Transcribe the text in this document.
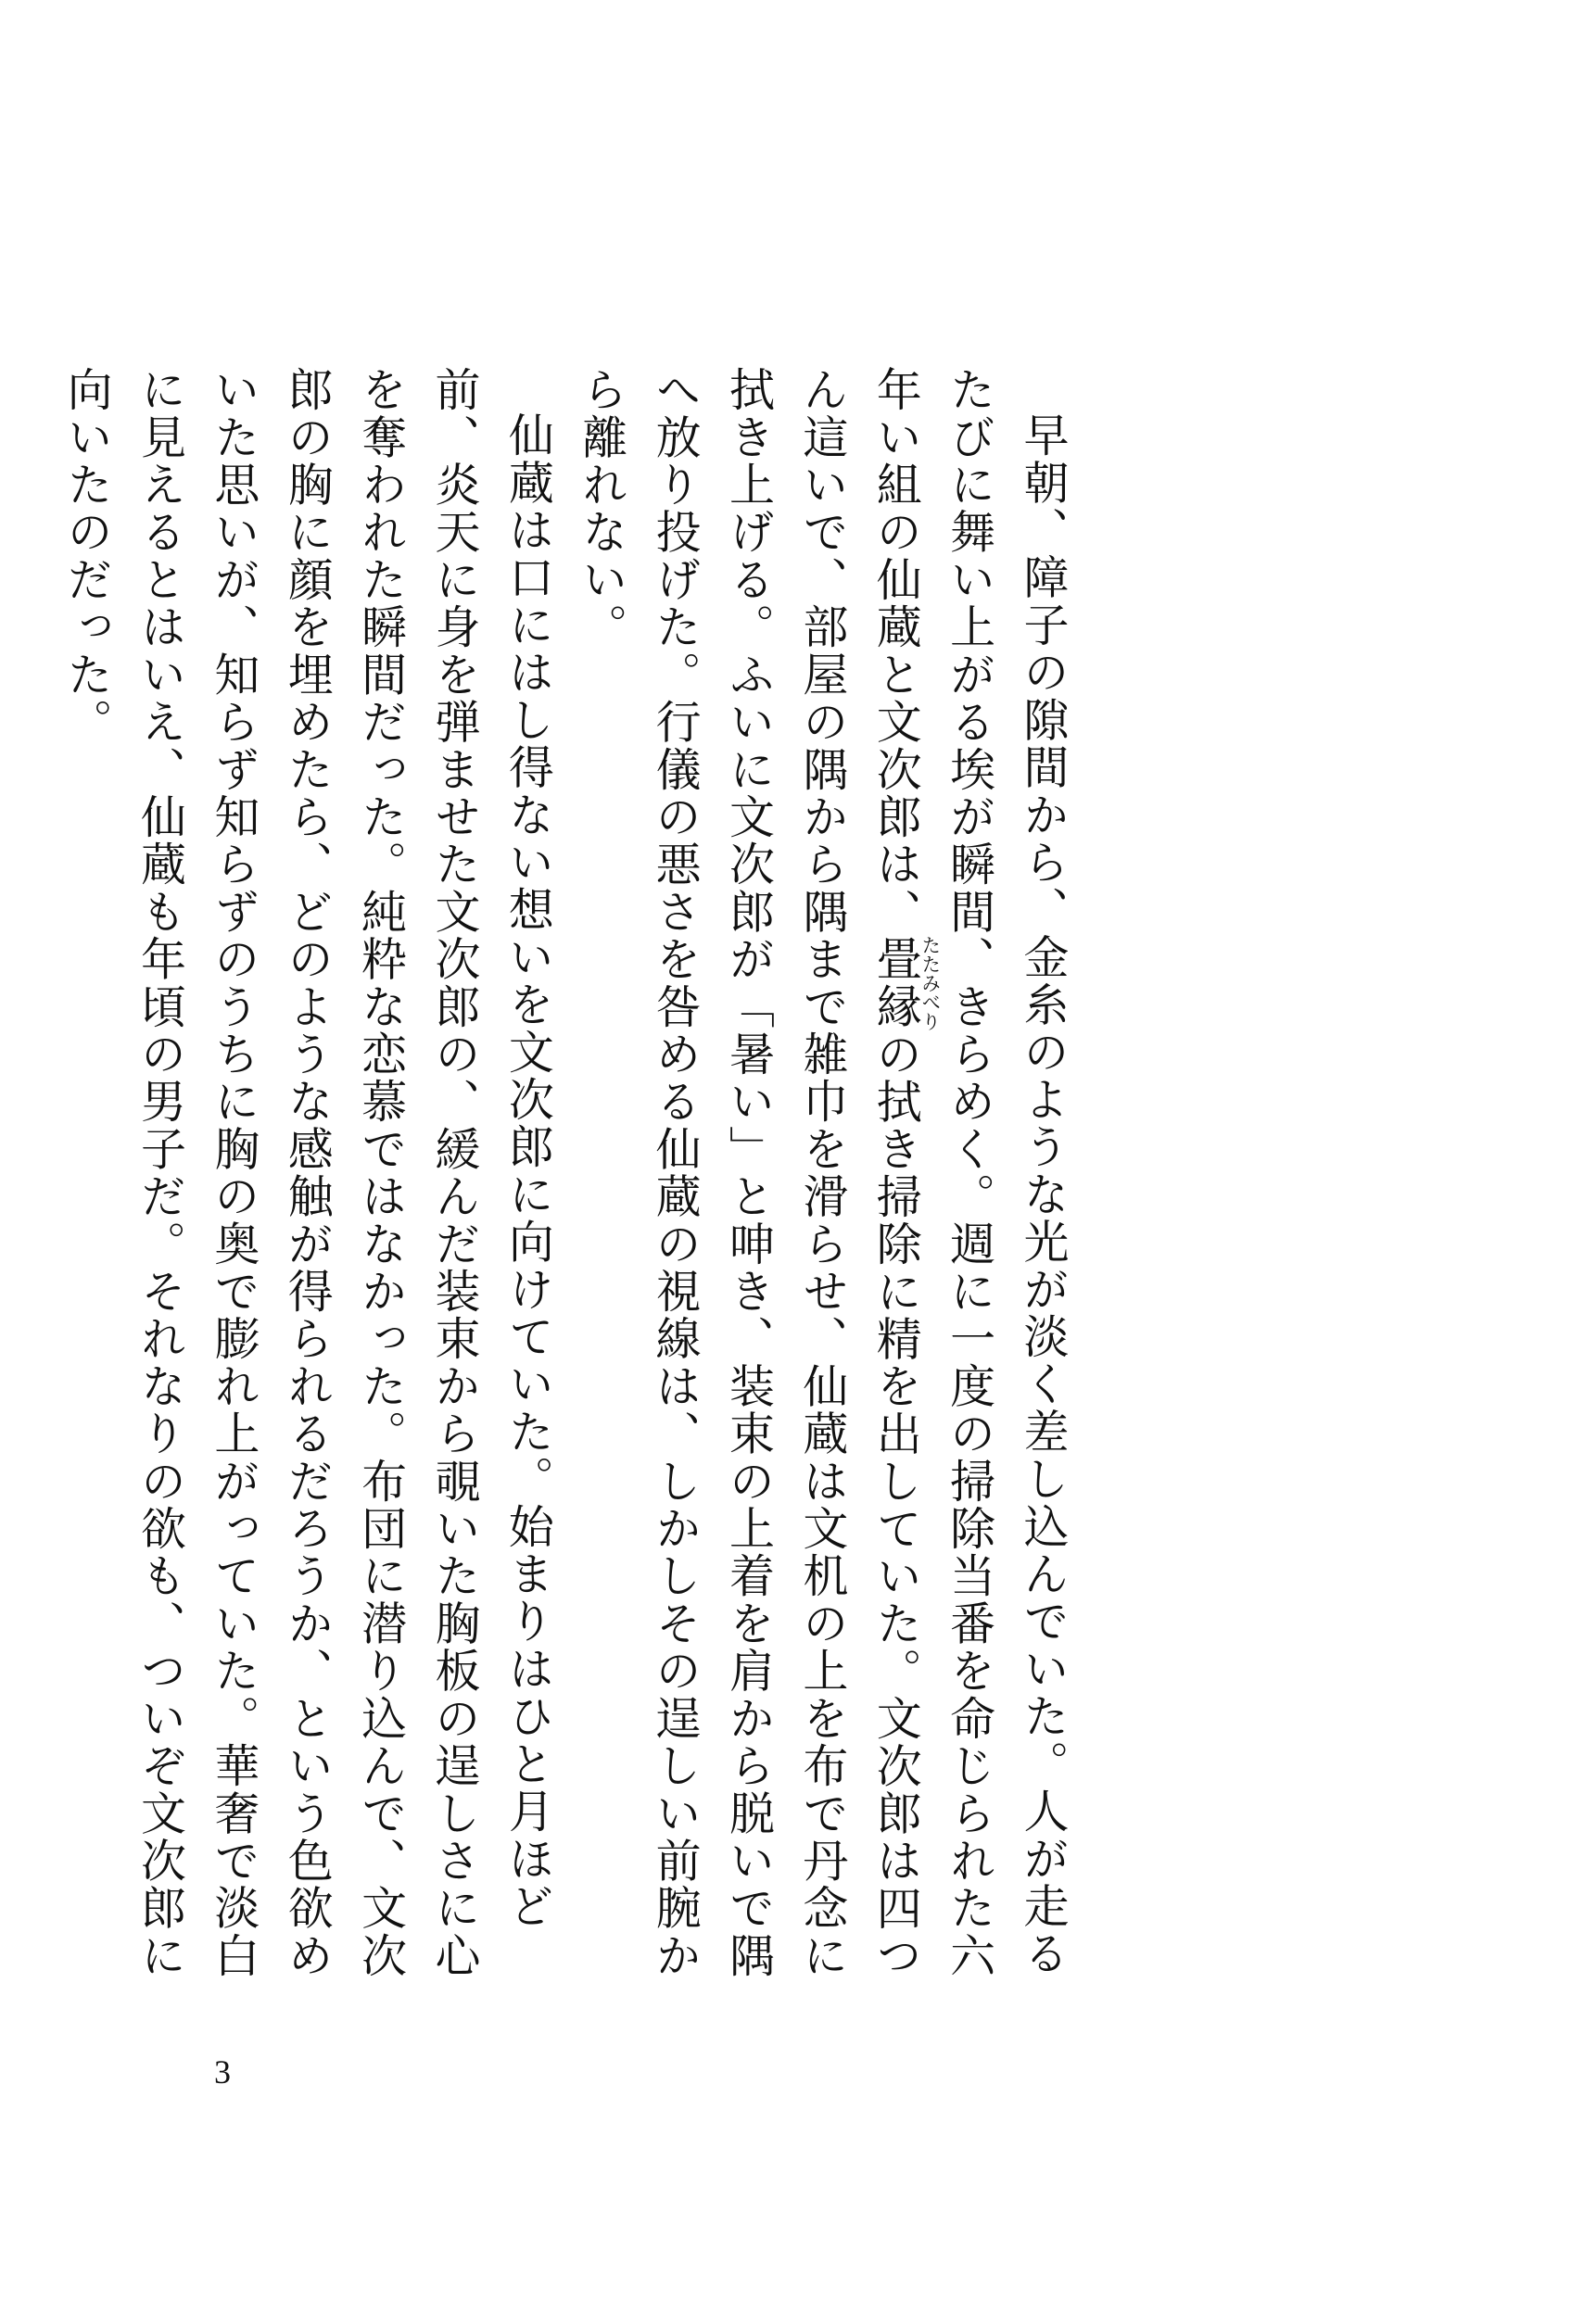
早朝、障子の隙間から、金糸のような光が淡く差し込んでいた。人が走るたびに舞い上がる埃が瞬間、きらめく。週に一度の掃除当番を命じられた六年い組の仙蔵と文次郎は、畳縁たたみべりの拭き掃除に精を出していた。文次郎は四つん這いで、部屋の隅から隅まで雑巾を滑らせ、仙蔵は文机の上を布で丹念に拭き上げる。ふいに文次郎が「暑い」と呻き、装束の上着を肩から脱いで隅へ放り投げた。行儀の悪さを咎める仙蔵の視線は、しかしその逞しい前腕から離れない。

仙蔵は口にはし得ない想いを文次郎に向けていた。始まりはひと月ほど前、炎天に身を弾ませた文次郎の、緩んだ装束から覗いた胸板の逞しさに心を奪われた瞬間だった。純粋な恋慕ではなかった。布団に潜り込んで、文次郎の胸に顔を埋めたら、どのような感触が得られるだろうか、という色欲めいた思いが、知らず知らずのうちに胸の奥で膨れ上がっていた。華奢で淡白に見えるとはいえ、仙蔵も年頃の男子だ。それなりの欲も、ついぞ文次郎に向いたのだった。

3
